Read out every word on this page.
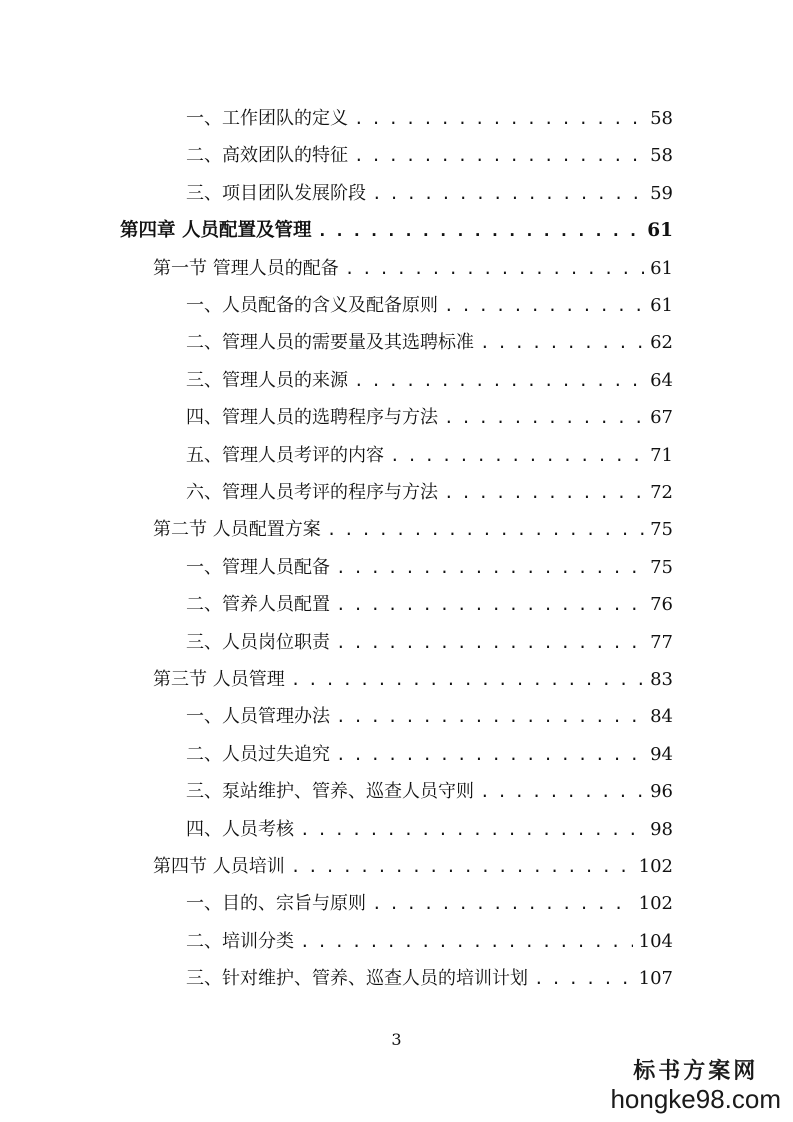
一、工作团队的定义 . . .	58
二、高效团队的特征 . . .	58
三、项目团队发展阶段 . . .	59
第四章 人员配置及管理 . . .	61
第一节 管理人员的配备 . . .	61
一、人员配备的含义及配备原则 . . .	61
二、管理人员的需要量及其选聘标准 . . .	62
三、管理人员的来源 . . .	64
四、管理人员的选聘程序与方法 . . .	67
五、管理人员考评的内容 . . .	71
六、管理人员考评的程序与方法 . . .	72
第二节 人员配置方案 . . .	75
一、管理人员配备 . . .	75
二、管养人员配置 . . .	76
三、人员岗位职责 . . .	77
第三节 人员管理 . . .	83
一、人员管理办法 . . .	84
二、人员过失追究 . . .	94
三、泵站维护、管养、巡查人员守则 . . .	96
四、人员考核 . . .	98
第四节 人员培训 . . .	102
一、目的、宗旨与原则 . . .	102
二、培训分类 . . .	104
三、针对维护、管养、巡查人员的培训计划 . . .	107
3
标书方案网
hongke98.com
